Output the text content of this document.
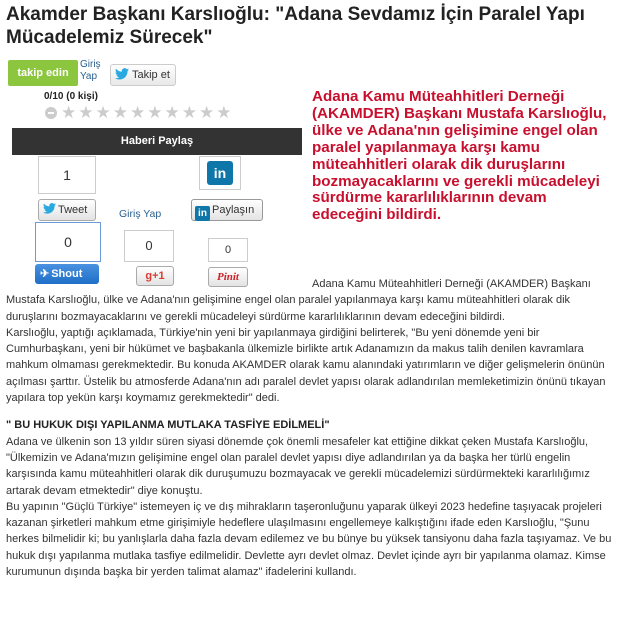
Akamder Başkanı Karslıoğlu: "Adana Sevdamız İçin Paralel Yapı Mücadelemiz Sürecek"
takip edin
Giriş Yap	Takip et
0/10 (0 kişi)
★ ★ ★ ★ ★ ★ ★ ★ ★ ★
Haberi Paylaş
1
Tweet
in
in Paylaşın
0
✈ Shout
Giriş Yap
0
g+1
0
Pinit
Adana Kamu Müteahhitleri Derneği (AKAMDER) Başkanı Mustafa Karslıoğlu, ülke ve Adana'nın gelişimine engel olan paralel yapılanmaya karşı kamu müteahhitleri olarak dik duruşlarını bozmayacaklarını ve gerekli mücadeleyi sürdürme kararlılıklarının devam edeceğini bildirdi.

Adana Kamu Müteahhitleri Derneği (AKAMDER) Başkanı Mustafa Karslıoğlu, ülke ve Adana'nın gelişimine engel olan paralel yapılanmaya karşı kamu müteahhitleri olarak dik duruşlarını bozmayacaklarını ve gerekli mücadeleyi sürdürme kararlılıklarının devam edeceğini bildirdi.

Karslıoğlu, yaptığı açıklamada, Türkiye'nin yeni bir yapılanmaya girdiğini belirterek, "Bu yeni dönemde yeni bir Cumhurbaşkanı, yeni bir hükümet ve başbakanla ülkemizle birlikte artık Adanamızın da makus talih denilen kavramlara mahkum olmaması gerekmektedir. Bu konuda AKAMDER olarak kamu alanındaki yatırımların ve diğer gelişmelerin önünün açılması şarttır. Üstelik bu atmosferde Adana'nın adı paralel devlet yapısı olarak adlandırılan memleketimizin önünü tıkayan yapılara top yekün karşı koymamız gerekmektedir" dedi.

" BU HUKUK DIŞI YAPILANMA MUTLAKA TASFİYE EDİLMELİ"

Adana ve ülkenin son 13 yıldır süren siyasi dönemde çok önemli mesafeler kat ettiğine dikkat çeken Mustafa Karslıoğlu, "Ülkemizin ve Adana'mızın gelişimine engel olan paralel devlet yapısı diye adlandırılan ya da başka her türlü engelin karşısında kamu müteahhitleri olarak dik duruşumuzu bozmayacak ve gerekli mücadelemizi sürdürmekteki kararlılığımız artarak devam etmektedir" diye konuştu.

Bu yapının "Güçlü Türkiye" istemeyen iç ve dış mihrakların taşeronluğunu yaparak ülkeyi 2023 hedefine taşıyacak projeleri kazanan şirketleri mahkum etme girişimiyle hedeflere ulaşılmasını engellemeye kalkıştığını ifade eden Karslıoğlu, "Şunu herkes bilmelidir ki; bu yanlışlarla daha fazla devam edilemez ve bu bünye bu yüksek tansiyonu daha fazla taşıyamaz. Ve bu hukuk dışı yapılanma mutlaka tasfiye edilmelidir. Devlette ayrı devlet olmaz. Devlet içinde ayrı bir yapılanma olamaz. Kimse kurumunun dışında başka bir yerden talimat alamaz" ifadelerini kullandı.
